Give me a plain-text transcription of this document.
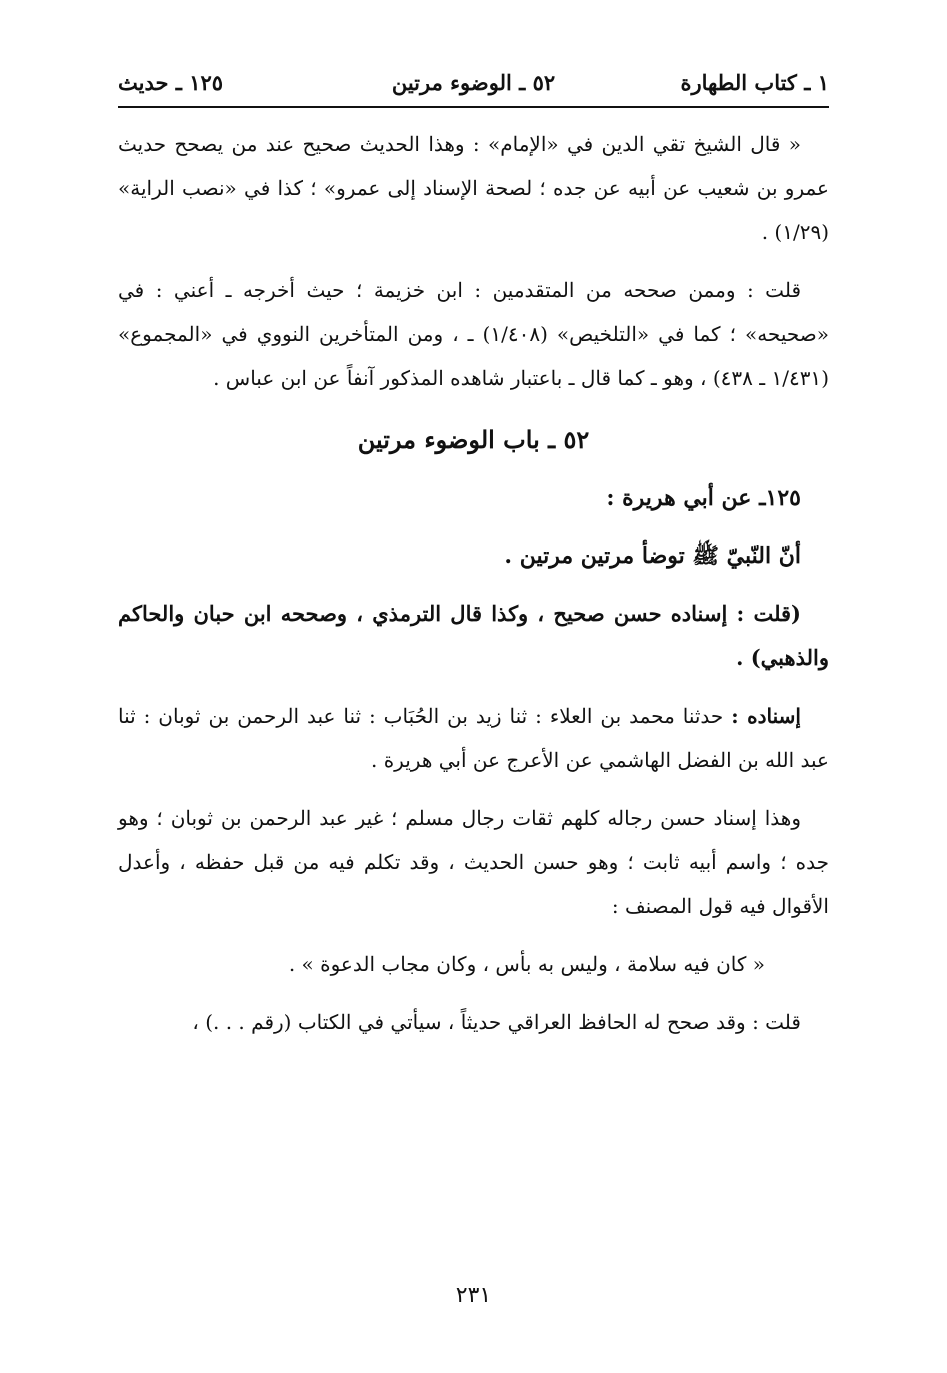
١ ـ كتاب الطهارة
٥٢ ـ الوضوء مرتين
١٢٥ ـ حديث

« قال الشيخ تقي الدين في «الإمام» : وهذا الحديث صحيح عند من يصحح حديث عمرو بن شعيب عن أبيه عن جده ؛ لصحة الإسناد إلى عمرو» ؛ كذا في «نصب الراية» (١/٢٩) .

قلت : وممن صححه من المتقدمين : ابن خزيمة ؛ حيث أخرجه ـ أعني : في «صحيحه» ؛ كما في «التلخيص» (١/٤٠٨) ـ ، ومن المتأخرين النووي في «المجموع» (١/٤٣١ ـ ٤٣٨) ، وهو ـ كما قال ـ باعتبار شاهده المذكور آنفاً عن ابن عباس .

٥٢ ـ باب الوضوء مرتين

١٢٥ـ عن أبي هريرة :

أنّ النّبيّ ﷺ توضأ مرتين مرتين .

(قلت : إسناده حسن صحيح ، وكذا قال الترمذي ، وصححه ابن حبان والحاكم والذهبي) .

إسناده : حدثنا محمد بن العلاء : ثنا زيد بن الحُبَاب : ثنا عبد الرحمن بن ثوبان : ثنا عبد الله بن الفضل الهاشمي عن الأعرج عن أبي هريرة .

وهذا إسناد حسن رجاله كلهم ثقات رجال مسلم ؛ غير عبد الرحمن بن ثوبان ؛ وهو جده ؛ واسم أبيه ثابت ؛ وهو حسن الحديث ، وقد تكلم فيه من قبل حفظه ، وأعدل الأقوال فيه قول المصنف :

« كان فيه سلامة ، وليس به بأس ، وكان مجاب الدعوة » .

قلت : وقد صحح له الحافظ العراقي حديثاً ، سيأتي في الكتاب (رقم . . .) ،

٢٣١
